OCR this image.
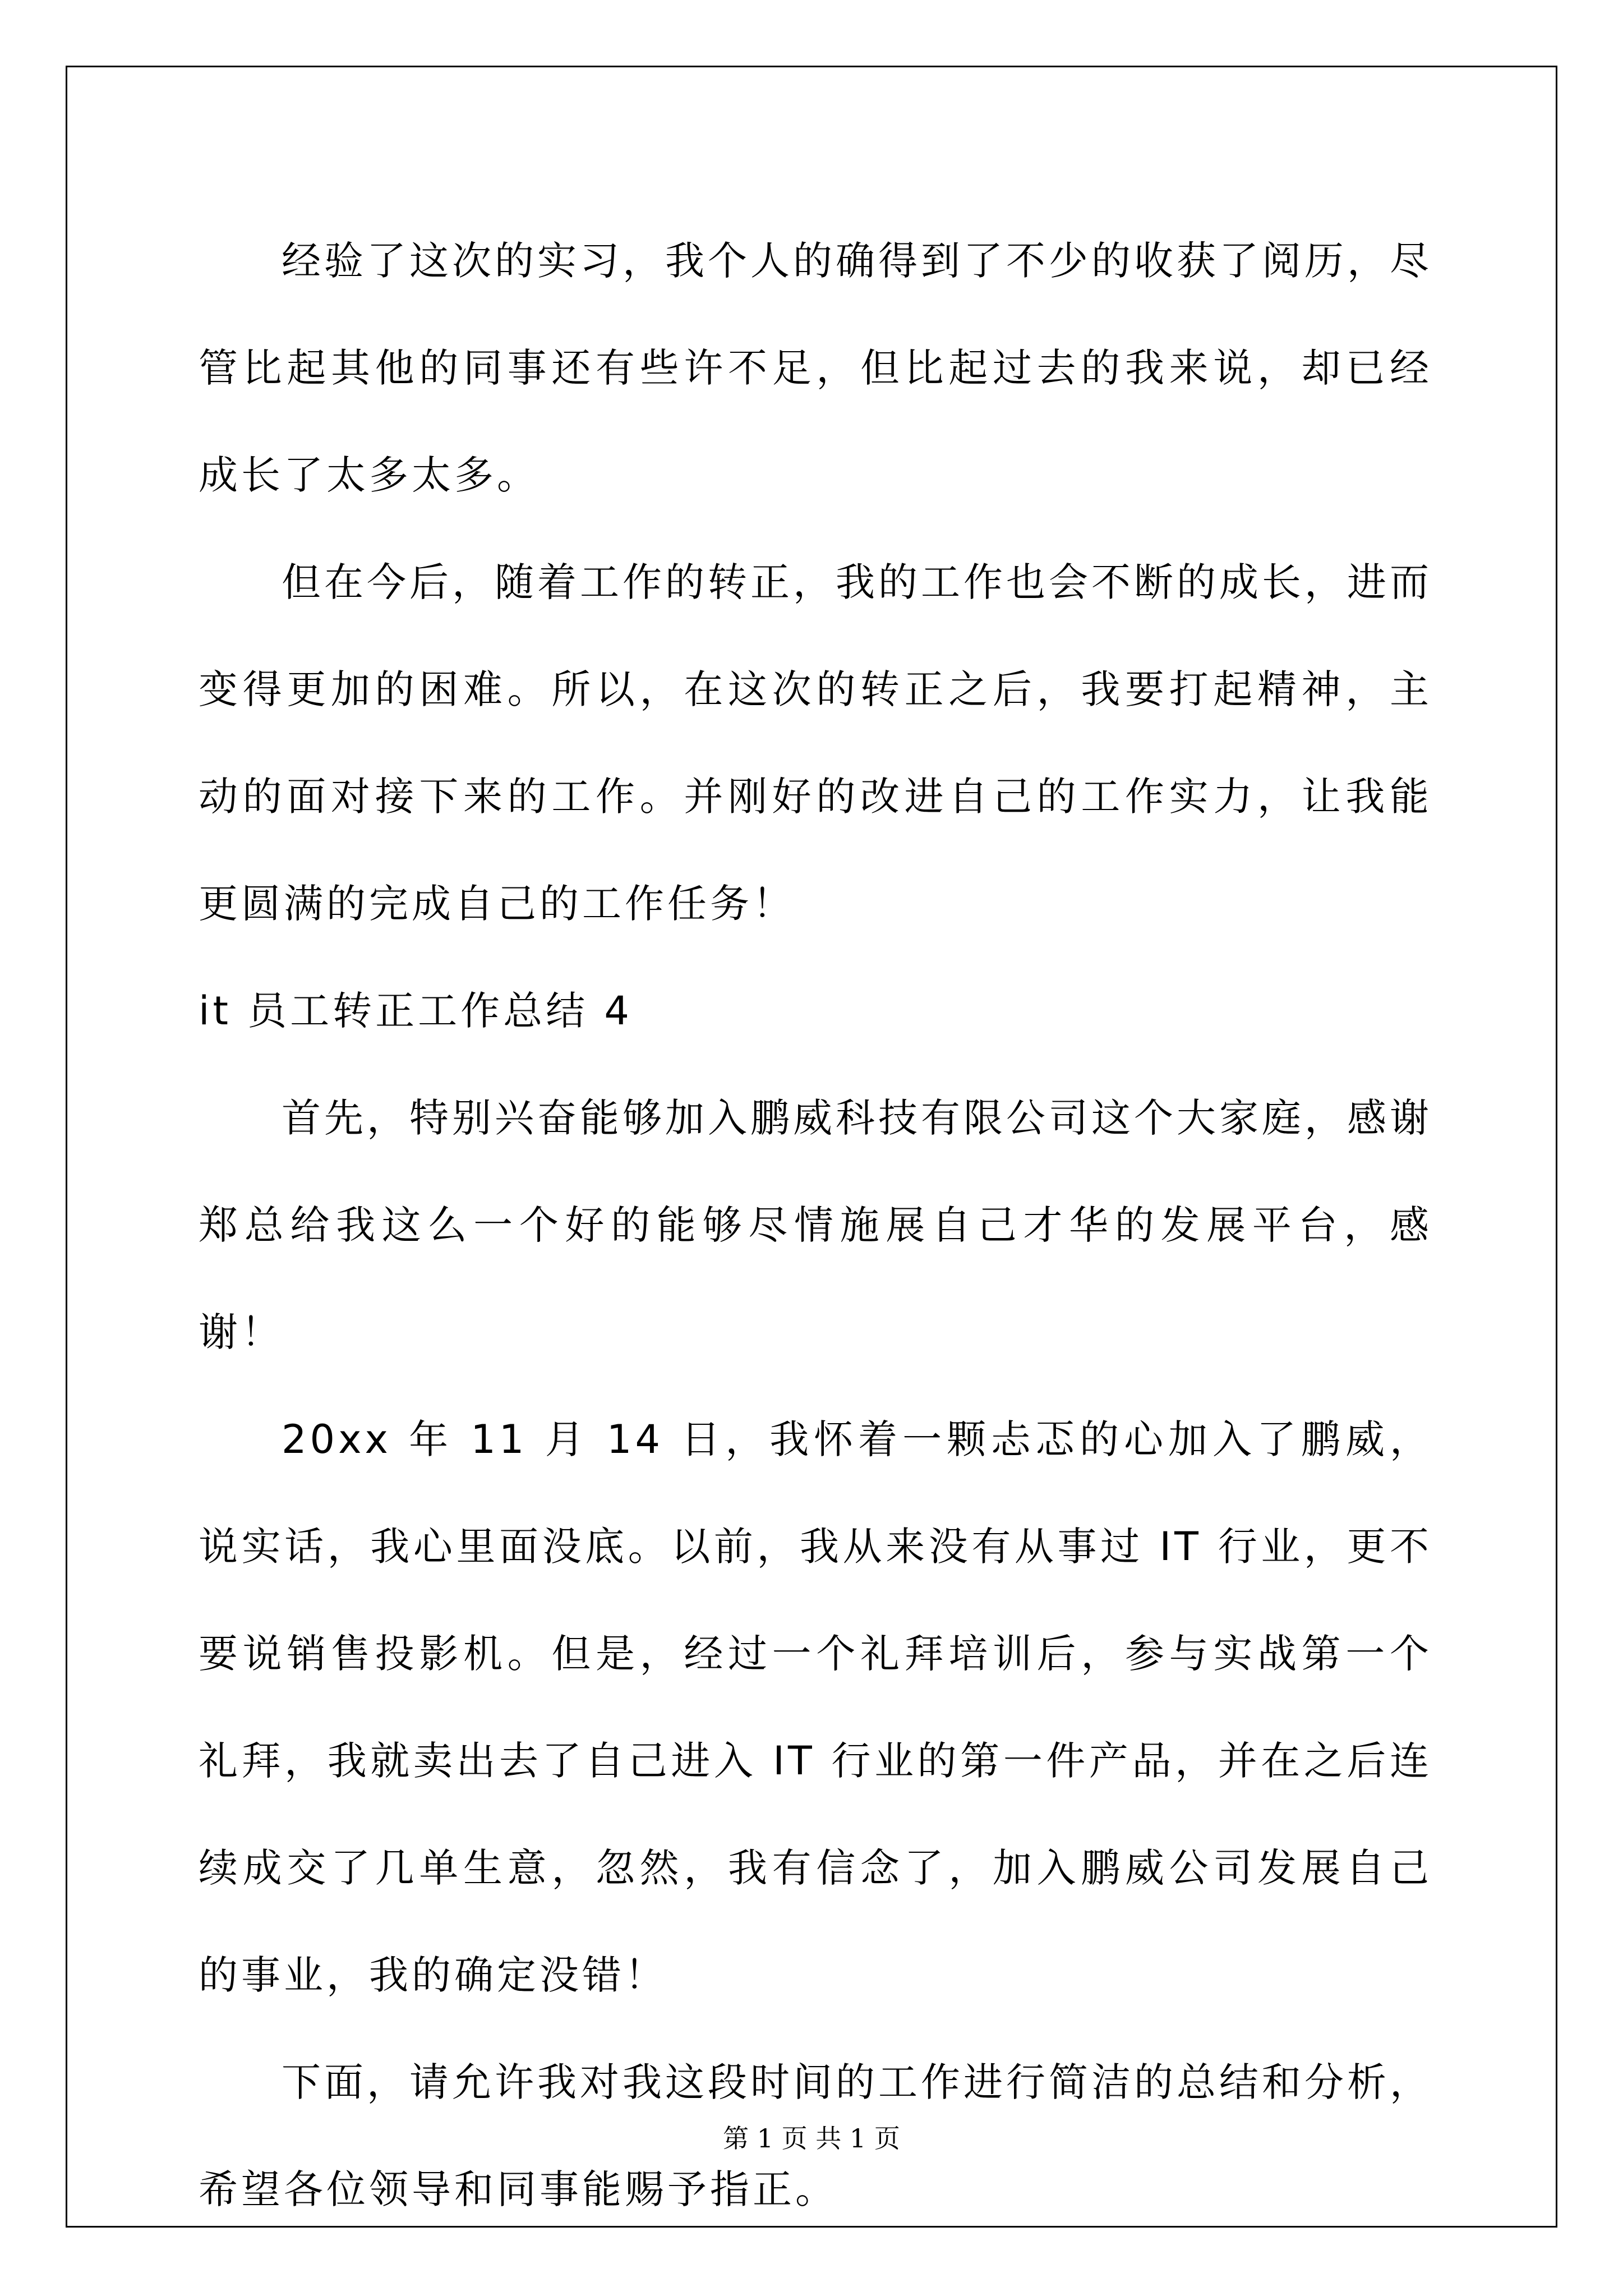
经验了这次的实习，我个人的确得到了不少的收获了阅历，尽管比起其他的同事还有些许不足，但比起过去的我来说，却已经成长了太多太多。

但在今后，随着工作的转正，我的工作也会不断的成长，进而变得更加的困难。所以，在这次的转正之后，我要打起精神，主动的面对接下来的工作。并刚好的改进自己的工作实力，让我能更圆满的完成自己的工作任务！

it 员工转正工作总结 4

首先，特别兴奋能够加入鹏威科技有限公司这个大家庭，感谢郑总给我这么一个好的能够尽情施展自己才华的发展平台，感谢！

20xx 年 11 月 14 日，我怀着一颗忐忑的心加入了鹏威，说实话，我心里面没底。以前，我从来没有从事过 IT 行业，更不要说销售投影机。但是，经过一个礼拜培训后，参与实战第一个礼拜，我就卖出去了自己进入 IT 行业的第一件产品，并在之后连续成交了几单生意，忽然，我有信念了，加入鹏威公司发展自己的事业，我的确定没错！

下面，请允许我对我这段时间的工作进行简洁的总结和分析，希望各位领导和同事能赐予指正。

第 1 页 共 1 页
